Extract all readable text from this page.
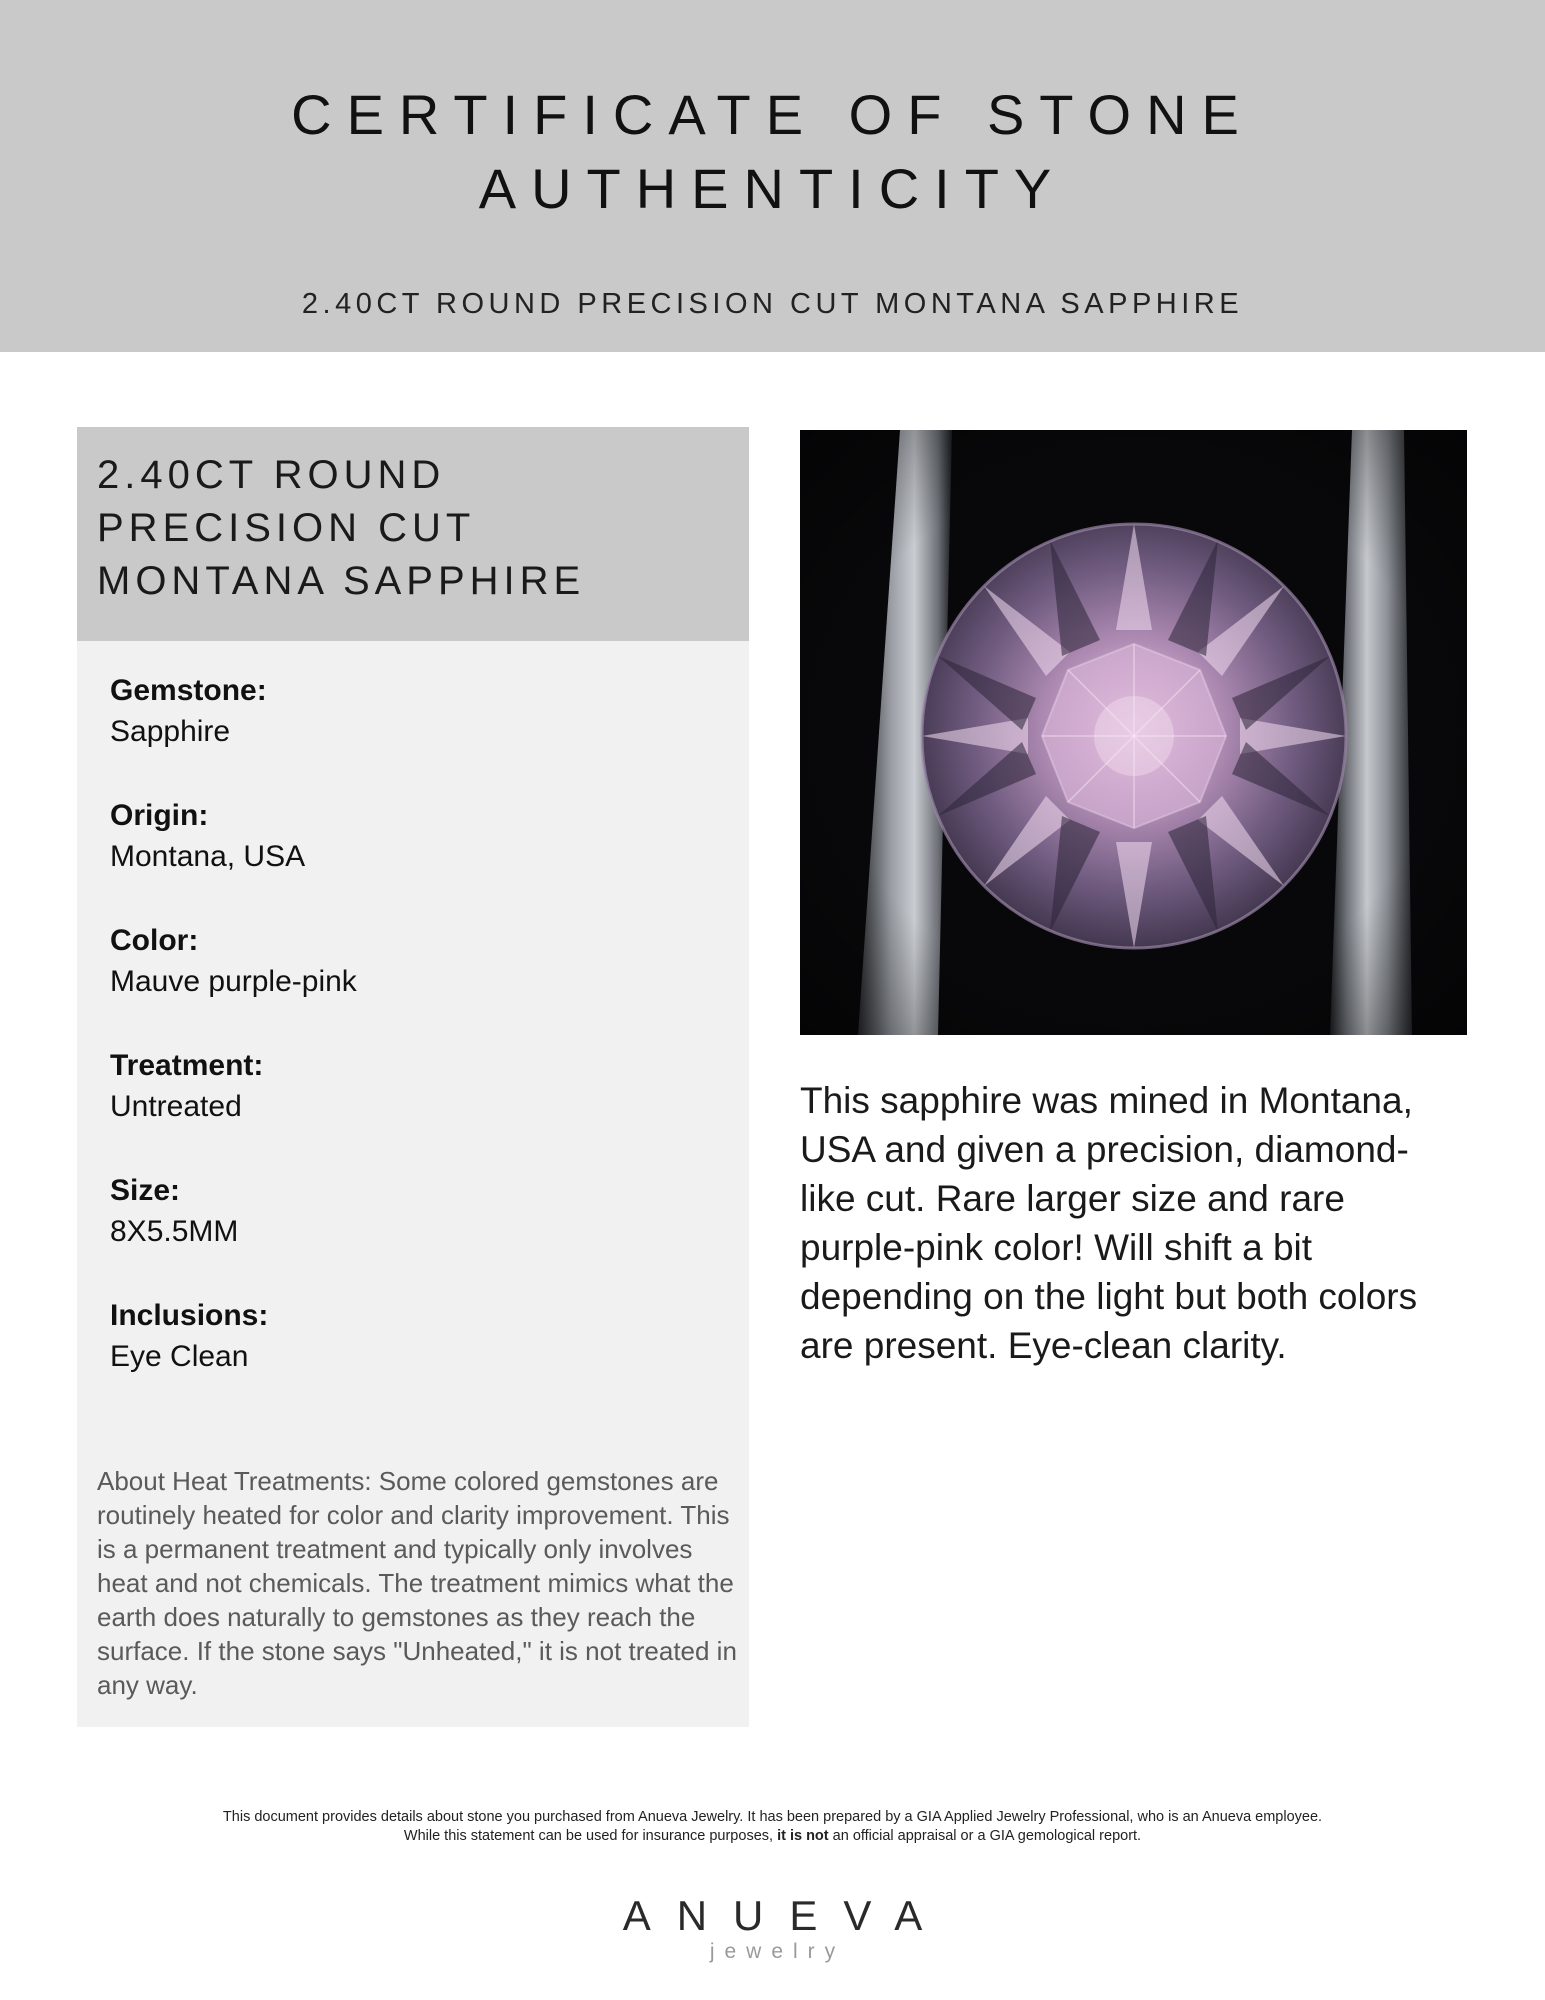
CERTIFICATE OF STONE
AUTHENTICITY
2.40CT ROUND PRECISION CUT MONTANA SAPPHIRE
2.40CT ROUND
PRECISION CUT
MONTANA SAPPHIRE
Gemstone:
Sapphire
Origin:
Montana, USA
Color:
Mauve purple-pink
Treatment:
Untreated
Size:
8X5.5MM
Inclusions:
Eye Clean
About Heat Treatments: Some colored gemstones are routinely heated for color and clarity improvement. This is a permanent treatment and typically only involves heat and not chemicals. The treatment mimics what the earth does naturally to gemstones as they reach the surface. If the stone says "Unheated," it is not treated in any way.
This sapphire was mined in Montana, USA and given a precision, diamond-like cut. Rare larger size and rare purple-pink color! Will shift a bit depending on the light but both colors are present. Eye-clean clarity.
This document provides details about stone you purchased from Anueva Jewelry. It has been prepared by a GIA Applied Jewelry Professional, who is an Anueva employee.
While this statement can be used for insurance purposes, it is not an official appraisal or a GIA gemological report.
ANUEVA
jewelry
